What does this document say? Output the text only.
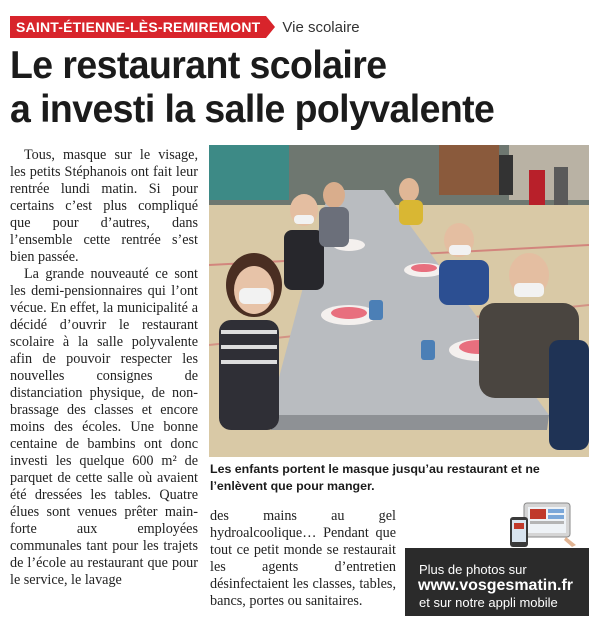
SAINT-ÉTIENNE-LÈS-REMIREMONT	Vie scolaire
Le restaurant scolaire
a investi la salle polyvalente

Tous, masque sur le visage, les petits Stéphanois ont fait leur rentrée lundi matin. Si pour certains c’est plus compliqué que pour d’autres, dans l’ensemble cette rentrée s’est bien passée.

La grande nouveauté ce sont les demi-pensionnaires qui l’ont vécue. En effet, la municipalité a décidé d’ouvrir le restaurant scolaire à la salle polyvalente afin de pouvoir respecter les nouvelles consignes de distanciation physique, de non-brassage des classes et encore moins des écoles. Une bonne centaine de bambins ont donc investi les quelque 600 m² de parquet de cette salle où avaient été dressées les tables. Quatre élues sont venues prêter main-forte aux employées communales tant pour les trajets de l’école au restaurant que pour le service, le lavage

Les enfants portent le masque jusqu’au restaurant et ne l’enlèvent que pour manger.

des mains au gel hydroalcoolique… Pendant que tout ce petit monde se restaurait les agents d’entretien désinfectaient les classes, tables, bancs, portes ou sanitaires.

Plus de photos sur
www.vosgesmatin.fr
et sur notre appli mobile
